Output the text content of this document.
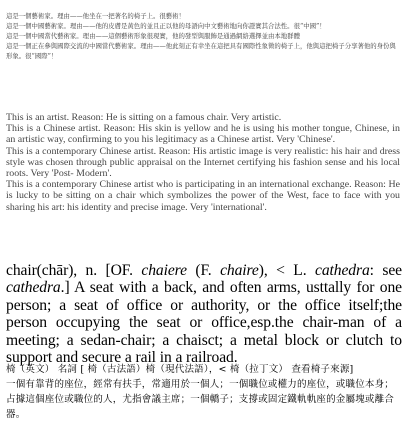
這是一個藝術家。理由——他坐在一把著名的椅子上。很藝術！

這是一個中國藝術家。理由——他的皮膚是黃色的並且正以他的母語向中文藝術地向你證實其合法性。很“中國”！

這是一個中國當代藝術家。理由——這個藝術形象很現實，他的發型與服飾是通過網絡選擇並由本地群體

這是一個正在參與國際交流的中國當代藝術家。理由——他此刻正有幸坐在這把具有國際性象徵的椅子上，他與這把椅子分享著他的身份與形象。很“國際”！

This is an artist. Reason: He is sitting on a famous chair. Very artistic.

This is a Chinese artist. Reason: His skin is yellow and he is using his mother tongue, Chinese, in an artistic way, confirming to you his legitimacy as a Chinese artist. Very 'Chinese'.

This is a contemporary Chinese artist. Reason: His artistic image is very realistic: his hair and dress style was chosen through public appraisal on the Internet certifying his fashion sense and his local roots. Very 'Post- Modern'.

This is a contemporary Chinese artist who is participating in an international exchange. Reason: He is lucky to be sitting on a chair which symbolizes the power of the West, face to face with you sharing his art: his identity and precise image. Very 'international'.

chair(chār), n. [OF. chaiere (F. chaire), < L. cathedra: see cathedra.] A seat with a back, and often arms, usttally for one person; a seat of office or authority, or the office itself;the person occupying the seat or office,esp.the chair-man of a meeting; a sedan-chair; a chaisct; a metal block or clutch to support and secure a rail in a railroad.

椅（英文） 名詞 [ 椅（古法語）椅（現代法語），< 椅（拉丁文） 查看椅子來源]

一個有靠背的座位，經常有扶手，常適用於一個人；一個職位或權力的座位，或職位本身；占據這個座位或職位的人，尤指會議主席；一個轎子；支撐或固定鐵軌軌座的金屬塊或離合器。
